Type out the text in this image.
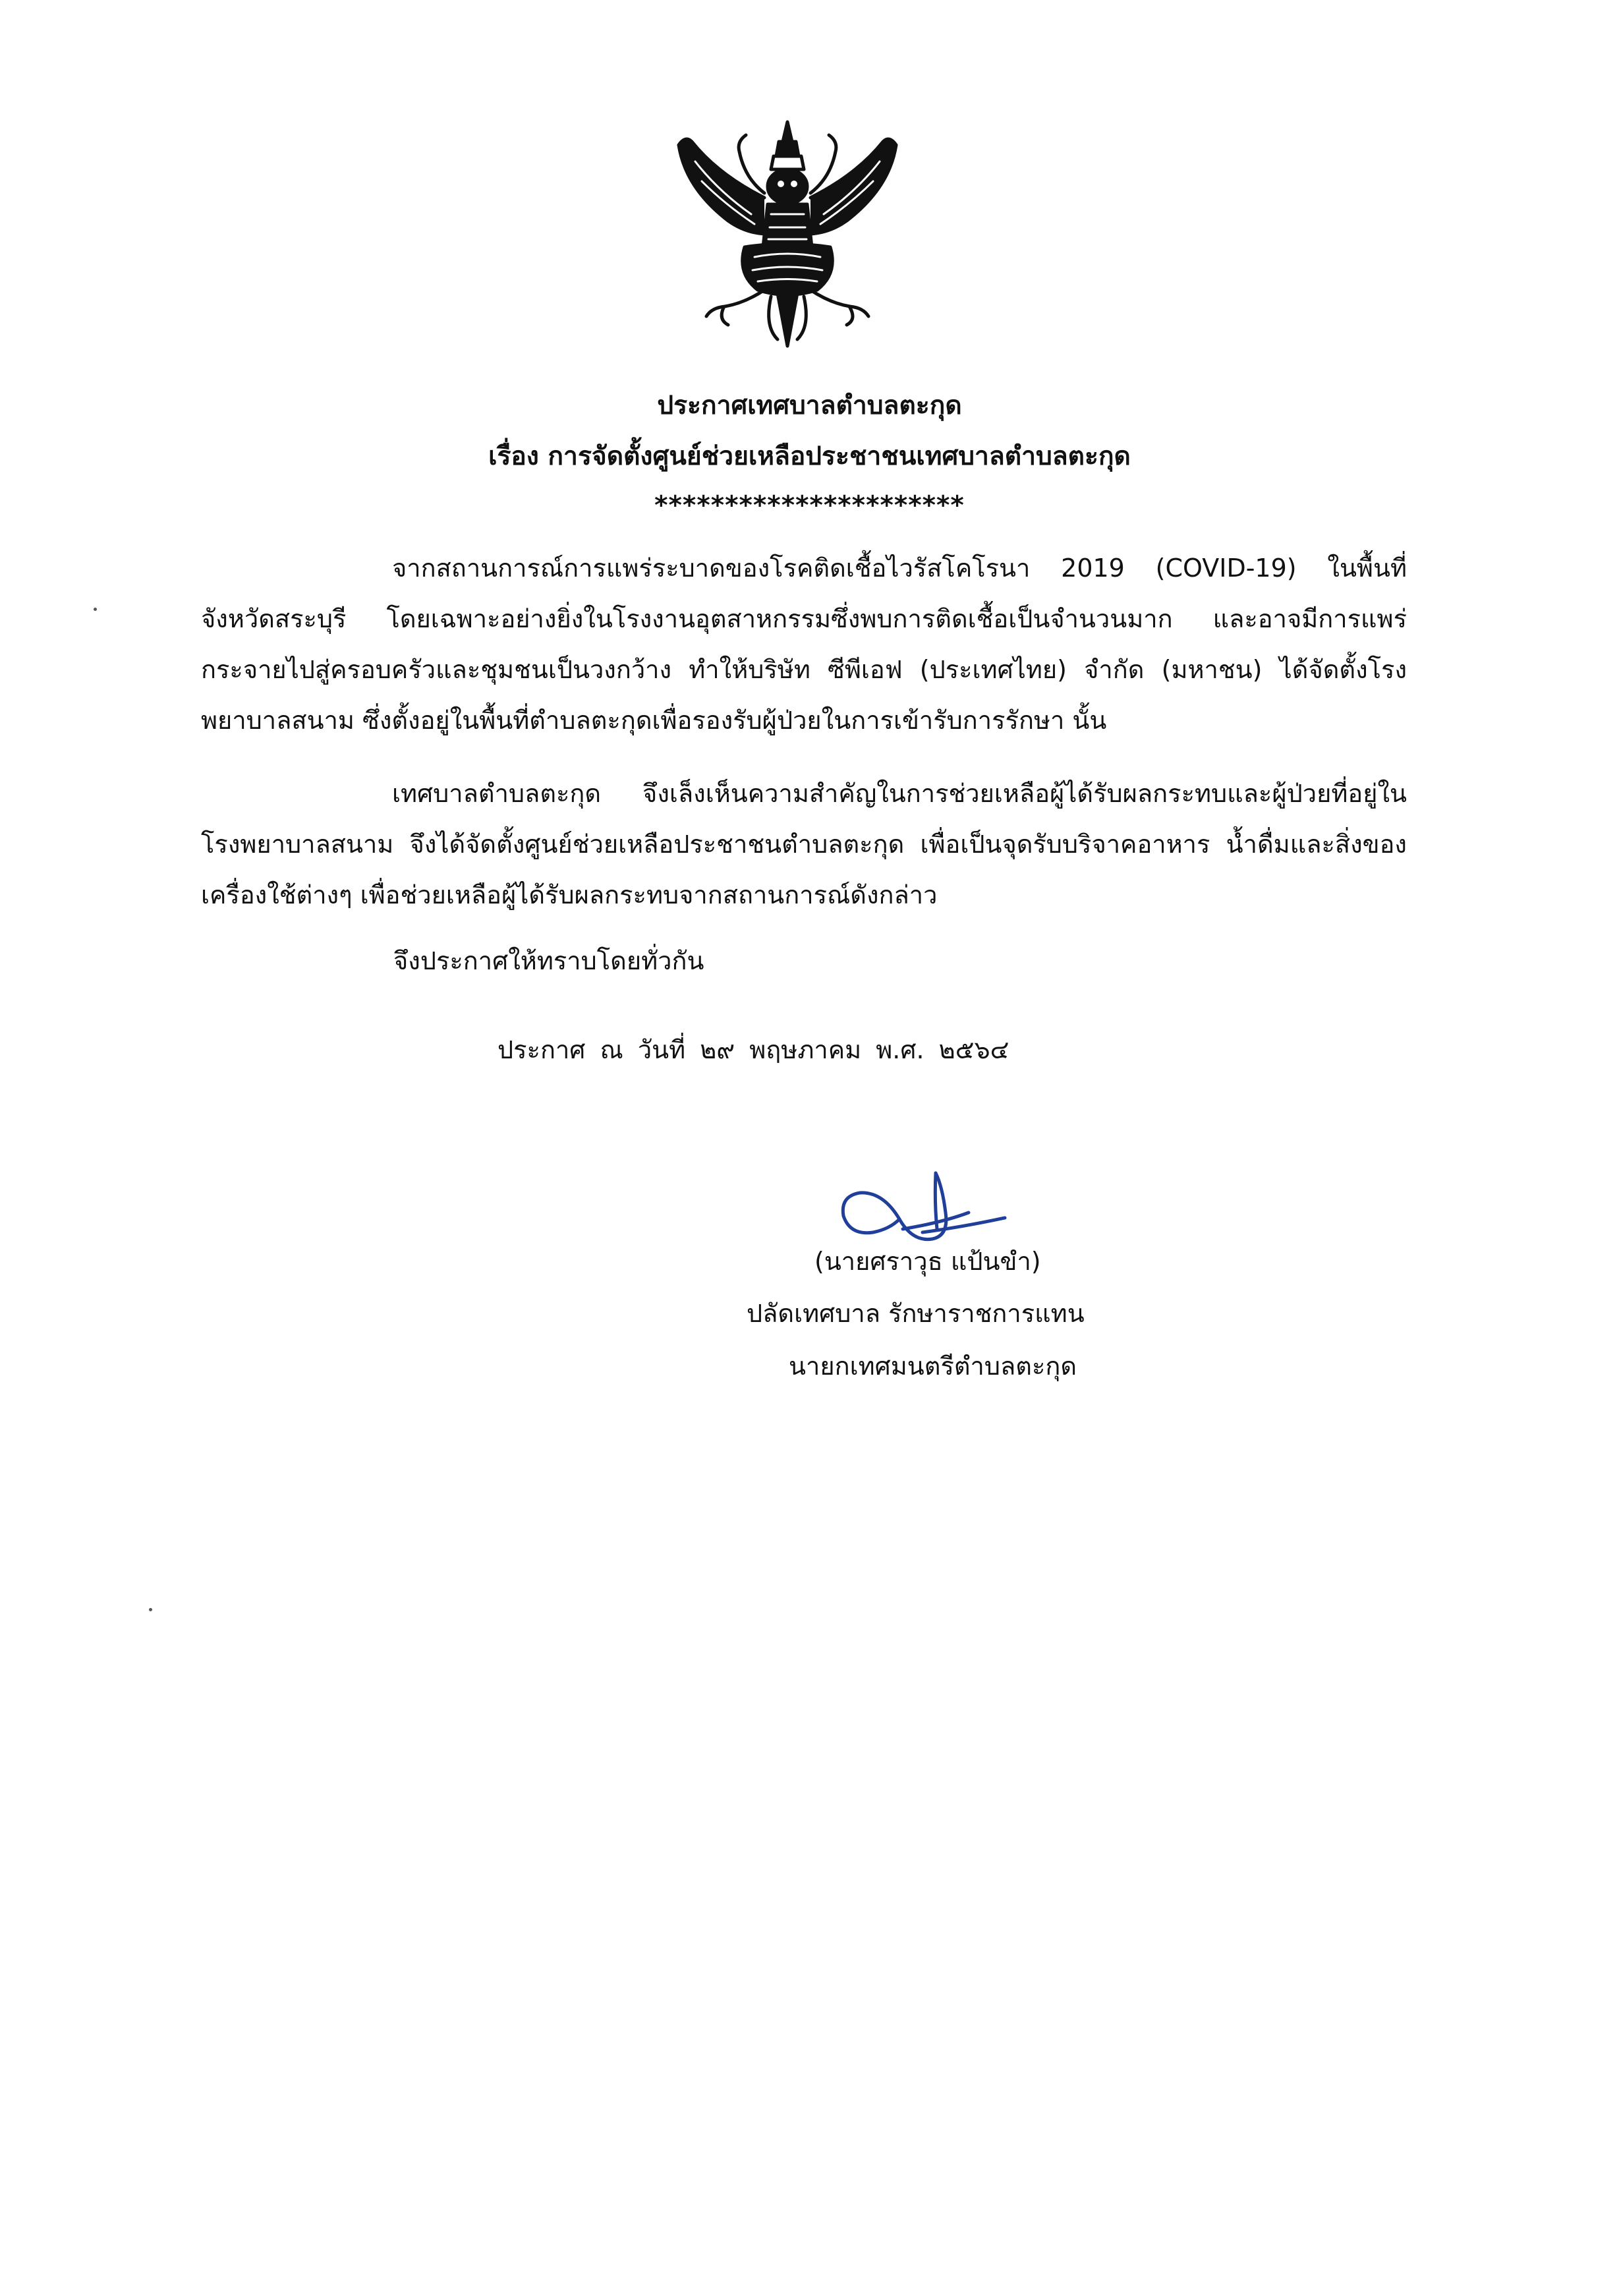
ประกาศเทศบาลตำบลตะกุด
เรื่อง การจัดตั้งศูนย์ช่วยเหลือประชาชนเทศบาลตำบลตะกุด
**********************

จากสถานการณ์การแพร่ระบาดของโรคติดเชื้อไวรัสโคโรนา 2019 (COVID-19) ในพื้นที่จังหวัดสระบุรี โดยเฉพาะอย่างยิ่งในโรงงานอุตสาหกรรมซึ่งพบการติดเชื้อเป็นจำนวนมาก และอาจมีการแพร่กระจายไปสู่ครอบครัวและชุมชนเป็นวงกว้าง ทำให้บริษัท ซีพีเอฟ (ประเทศไทย) จำกัด (มหาชน) ได้จัดตั้งโรงพยาบาลสนาม ซึ่งตั้งอยู่ในพื้นที่ตำบลตะกุดเพื่อรองรับผู้ป่วยในการเข้ารับการรักษา นั้น

เทศบาลตำบลตะกุด จึงเล็งเห็นความสำคัญในการช่วยเหลือผู้ได้รับผลกระทบและผู้ป่วยที่อยู่ในโรงพยาบาลสนาม จึงได้จัดตั้งศูนย์ช่วยเหลือประชาชนตำบลตะกุด เพื่อเป็นจุดรับบริจาคอาหาร น้ำดื่มและสิ่งของเครื่องใช้ต่างๆ เพื่อช่วยเหลือผู้ได้รับผลกระทบจากสถานการณ์ดังกล่าว

จึงประกาศให้ทราบโดยทั่วกัน
ประกาศ ณ วันที่ ๒๙ พฤษภาคม พ.ศ. ๒๕๖๔
(นายศราวุธ แป้นขำ)
ปลัดเทศบาล รักษาราชการแทน
นายกเทศมนตรีตำบลตะกุด
